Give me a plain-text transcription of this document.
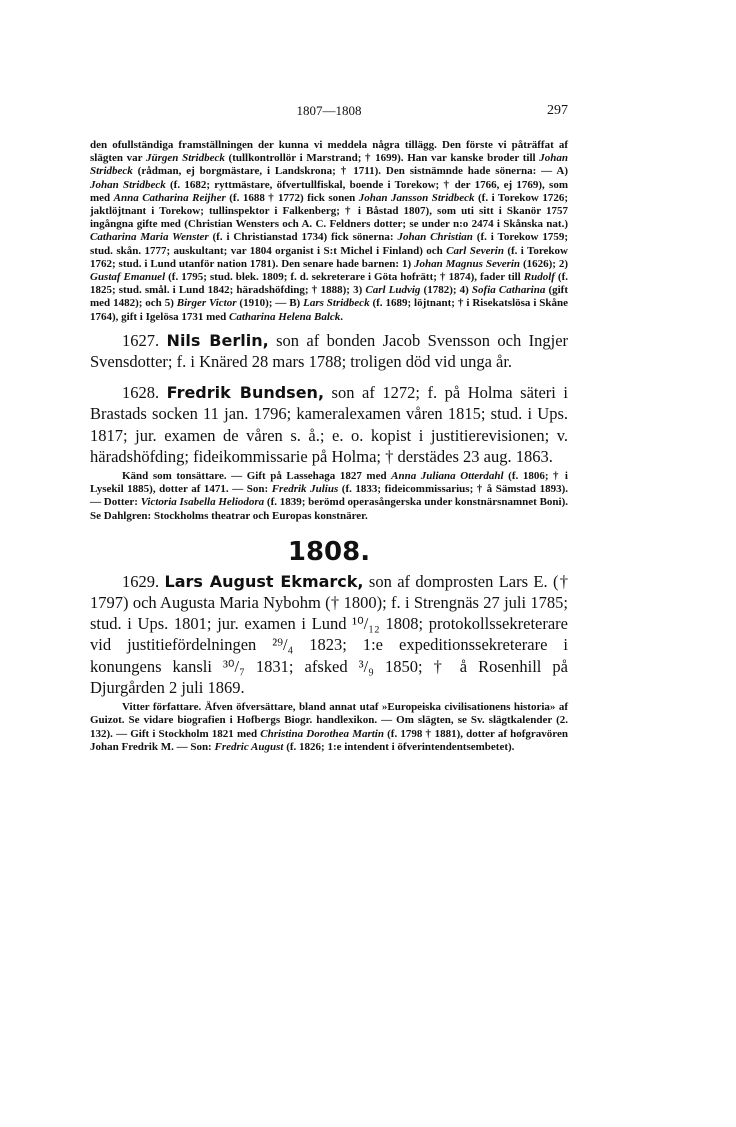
1807—1808	297

den ofullständiga framställningen der kunna vi meddela några tillägg. Den förste vi påträffat af slägten var Jürgen Stridbeck (tullkontrollör i Marstrand; † 1699). Han var kanske broder till Johan Stridbeck (rådman, ej borgmästare, i Landskrona; † 1711). Den sistnämnde hade sönerna: — A) Johan Stridbeck (f. 1682; ryttmästare, öfvertullfiskal, boende i Torekow; † der 1766, ej 1769), som med Anna Catharina Reijher (f. 1688 † 1772) fick sonen Johan Jansson Stridbeck (f. i Torekow 1726; jaktlöjtnant i Torekow; tullinspektor i Falkenberg; † i Båstad 1807), som uti sitt i Skanör 1757 ingångna gifte med (Christian Wensters och A. C. Feldners dotter; se under n:o 2474 i Skånska nat.) Catharina Maria Wenster (f. i Christianstad 1734) fick sönerna: Johan Christian (f. i Torekow 1759; stud. skån. 1777; auskultant; var 1804 organist i S:t Michel i Finland) och Carl Severin (f. i Torekow 1762; stud. i Lund utanför nation 1781). Den senare hade barnen: 1) Johan Magnus Severin (1626); 2) Gustaf Emanuel (f. 1795; stud. blek. 1809; f. d. sekreterare i Göta hofrätt; † 1874), fader till Rudolf (f. 1825; stud. smål. i Lund 1842; häradshöfding; † 1888); 3) Carl Ludvig (1782); 4) Sofia Catharina (gift med 1482); och 5) Birger Victor (1910); — B) Lars Stridbeck (f. 1689; löjtnant; † i Risekatslösa i Skåne 1764), gift i Igelösa 1731 med Catharina Helena Balck.

1627. Nils Berlin, son af bonden Jacob Svensson och Ingjer Svensdotter; f. i Knäred 28 mars 1788; troligen död vid unga år.

1628. Fredrik Bundsen, son af 1272; f. på Holma säteri i Brastads socken 11 jan. 1796; kameralexamen våren 1815; stud. i Ups. 1817; jur. examen de våren s. å.; e. o. kopist i justitierevisionen; v. häradshöfding; fideikommissarie på Holma; † derstädes 23 aug. 1863.

Känd som tonsättare. — Gift på Lassehaga 1827 med Anna Juliana Otterdahl (f. 1806; † i Lysekil 1885), dotter af 1471. — Son: Fredrik Julius (f. 1833; fideicommissarius; † å Sämstad 1893). — Dotter: Victoria Isabella Heliodora (f. 1839; berömd operasångerska under konstnärsnamnet Boni). Se Dahlgren: Stockholms theatrar och Europas konstnärer.

1808.

1629. Lars August Ekmarck, son af domprosten Lars E. († 1797) och Augusta Maria Nybohm († 1800); f. i Strengnäs 27 juli 1785; stud. i Ups. 1801; jur. examen i Lund ¹⁰/₁₂ 1808; protokollssekreterare vid justitiefördelningen ²⁹/₄ 1823; 1:e expeditionssekreterare i konungens kansli ³⁰/₇ 1831; afsked ³/₉ 1850; † å Rosenhill på Djurgården 2 juli 1869.

Vitter författare. Äfven öfversättare, bland annat utaf »Europeiska civilisationens historia» af Guizot. Se vidare biografien i Hofbergs Biogr. handlexikon. — Om slägten, se Sv. slägtkalender (2. 132). — Gift i Stockholm 1821 med Christina Dorothea Martin (f. 1798 † 1881), dotter af hofgravören Johan Fredrik M. — Son: Fredric August (f. 1826; 1:e intendent i öfverintendentsembetet).
